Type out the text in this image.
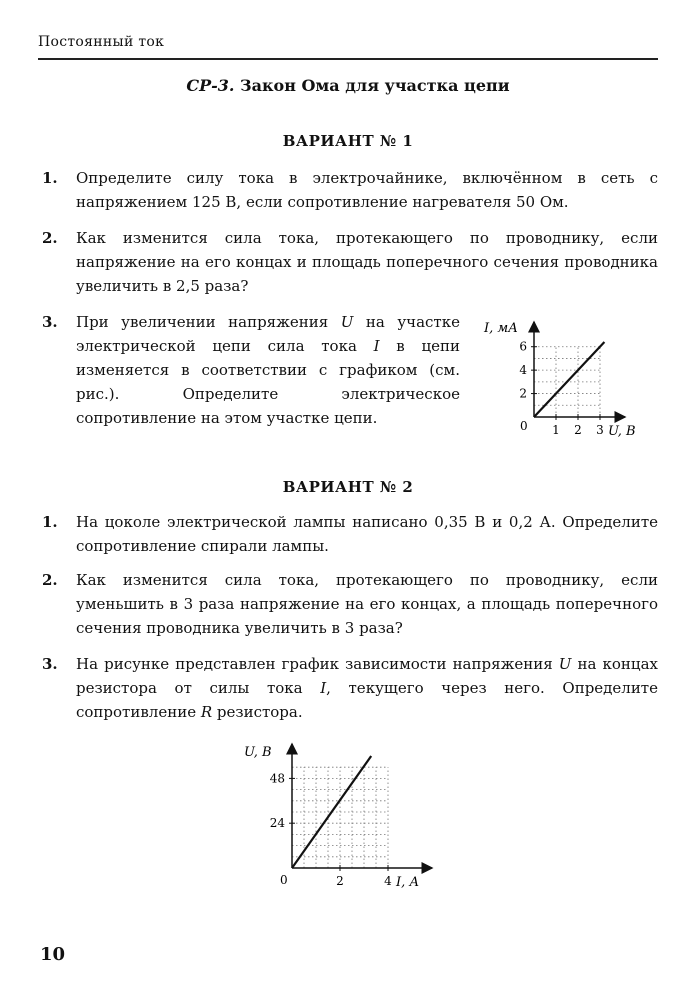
Постоянный ток
СР-3. Закон Ома для участка цепи
ВАРИАНТ № 1
1. Определите силу тока в электрочайнике, включённом в сеть с напряжением 125 В, если сопротивление нагревателя 50 Ом.
2. Как изменится сила тока, протекающего по проводнику, если напряжение на его концах и площадь поперечного сечения проводника увеличить в 2,5 раза?
3. При увеличении напряжения U на участке электрической цепи сила тока I в цепи изменяется в соответствии с графиком (см. рис.). Определите электрическое сопротивление на этом участке цепи.
1 2 3
2
4
6
I, мА
U, В
0
ВАРИАНТ № 2
1. На цоколе электрической лампы написано 0,35 В и 0,2 А. Определите сопротивление спирали лампы.
2. Как изменится сила тока, протекающего по проводнику, если уменьшить в 3 раза напряжение на его концах, а площадь поперечного сечения проводника увеличить в 3 раза?
3. На рисунке представлен график зависимости напряжения U на концах резистора от силы тока I, текущего через него. Определите сопротивление R резистора.
2	4
24
48
U, В
I, А
0
10
